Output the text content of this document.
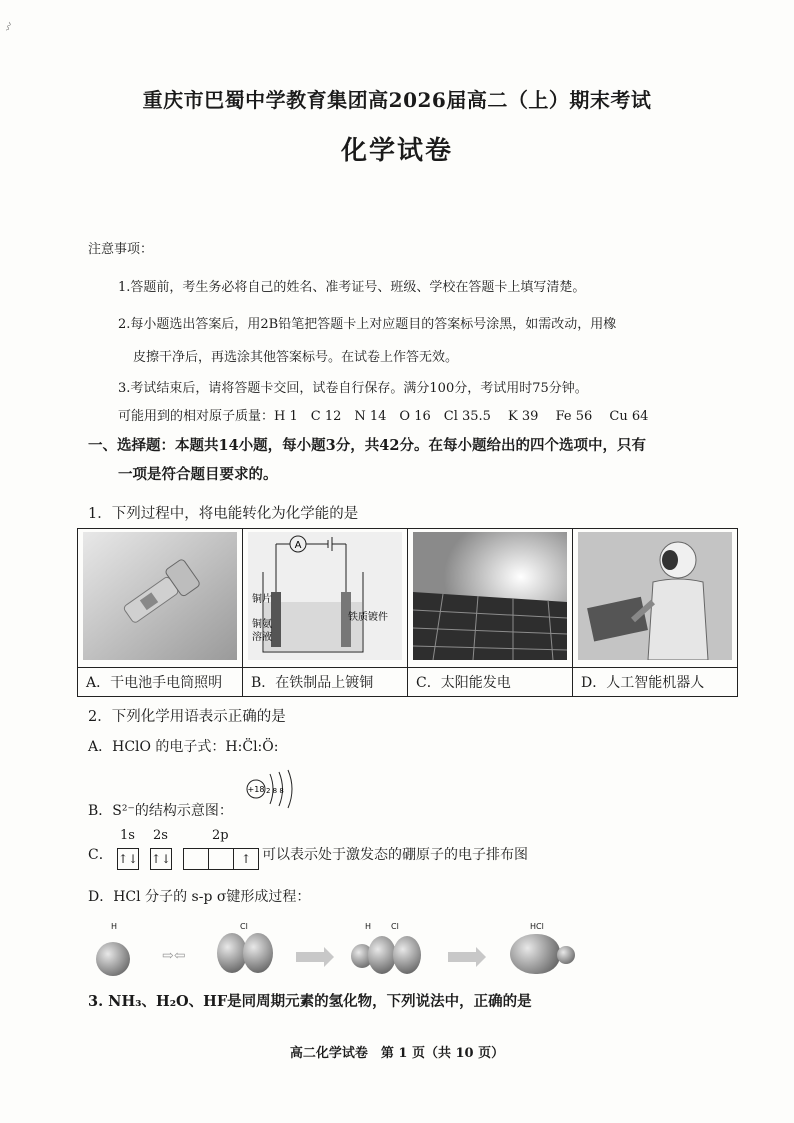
〰
重庆市巴蜀中学教育集团高2026届高二（上）期末考试
化学试卷
注意事项：
1.答题前，考生务必将自己的姓名、准考证号、班级、学校在答题卡上填写清楚。
2.每小题选出答案后，用2B铅笔把答题卡上对应题目的答案标号涂黑，如需改动，用橡
皮擦干净后，再选涂其他答案标号。在试卷上作答无效。
3.考试结束后，请将答题卡交回，试卷自行保存。满分100分，考试用时75分钟。
可能用到的相对原子质量：H 1　C 12　N 14　O 16　Cl 35.5　 K 39　 Fe 56　 Cu 64
一、选择题：本题共14小题，每小题3分，共42分。在每小题给出的四个选项中，只有
一项是符合题目要求的。
1．下列过程中，将电能转化为化学能的是

A
铜片
铜氨
溶液
铁质镀件

A．干电池手电筒照明	B．在铁制品上镀铜	C．太阳能发电	D．人工智能机器人
2．下列化学用语表示正确的是
A．HClO 的电子式：H:C̈l:Ö:
B．S²⁻的结构示意图：
+18 2 8 8
1s 2s	2p
C． ↑↓ ↑↓	↑ 可以表示处于激发态的硼原子的电子排布图
D．HCl 分子的 s-p σ键形成过程：
H	Cl	H Cl	HCl
⇨⇦
3. NH₃、H₂O、HF是同周期元素的氢化物，下列说法中，正确的是
高二化学试卷　第 1 页（共 10 页）
